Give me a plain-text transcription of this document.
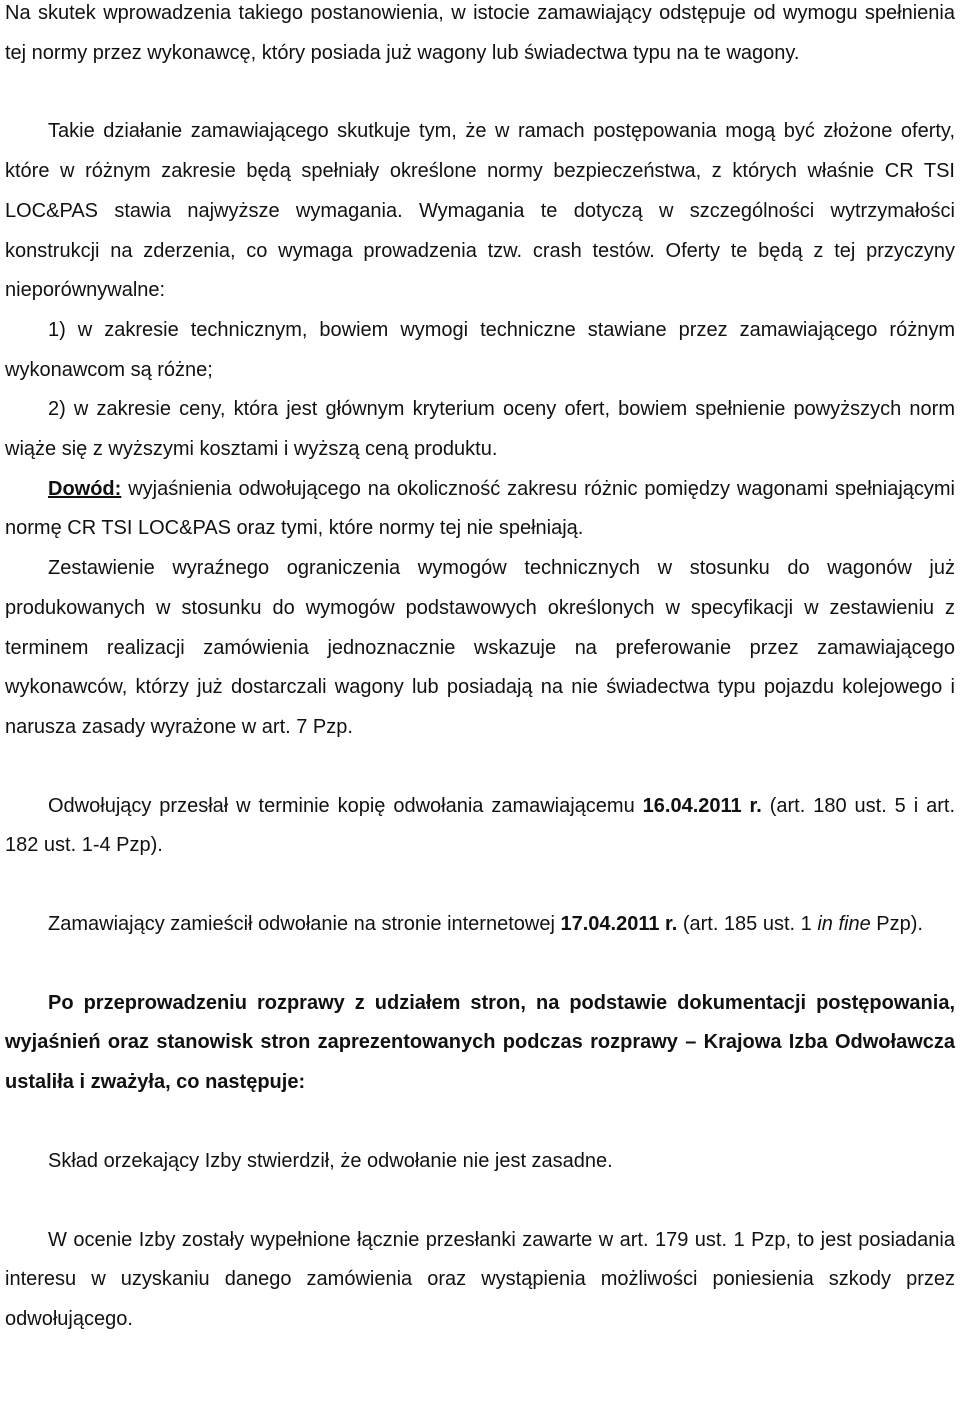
Na skutek wprowadzenia takiego postanowienia, w istocie zamawiający odstępuje od wymogu spełnienia tej normy przez wykonawcę, który posiada już wagony lub świadectwa typu na te wagony.

Takie działanie zamawiającego skutkuje tym, że w ramach postępowania mogą być złożone oferty, które w różnym zakresie będą spełniały określone normy bezpieczeństwa, z których właśnie CR TSI LOC&PAS stawia najwyższe wymagania. Wymagania te dotyczą w szczególności wytrzymałości konstrukcji na zderzenia, co wymaga prowadzenia tzw. crash testów. Oferty te będą z tej przyczyny nieporównywalne:

1) w zakresie technicznym, bowiem wymogi techniczne stawiane przez zamawiającego różnym wykonawcom są różne;

2) w zakresie ceny, która jest głównym kryterium oceny ofert, bowiem spełnienie powyższych norm wiąże się z wyższymi kosztami i wyższą ceną produktu.

Dowód: wyjaśnienia odwołującego na okoliczność zakresu różnic pomiędzy wagonami spełniającymi normę CR TSI LOC&PAS oraz tymi, które normy tej nie spełniają.

Zestawienie wyraźnego ograniczenia wymogów technicznych w stosunku do wagonów już produkowanych w stosunku do wymogów podstawowych określonych w specyfikacji w zestawieniu z terminem realizacji zamówienia jednoznacznie wskazuje na preferowanie przez zamawiającego wykonawców, którzy już dostarczali wagony lub posiadają na nie świadectwa typu pojazdu kolejowego i narusza zasady wyrażone w art. 7 Pzp.

Odwołujący przesłał w terminie kopię odwołania zamawiającemu 16.04.2011 r. (art. 180 ust. 5 i art. 182 ust. 1-4 Pzp).

Zamawiający zamieścił odwołanie na stronie internetowej 17.04.2011 r. (art. 185 ust. 1 in fine Pzp).

Po przeprowadzeniu rozprawy z udziałem stron, na podstawie dokumentacji postępowania, wyjaśnień oraz stanowisk stron zaprezentowanych podczas rozprawy – Krajowa Izba Odwoławcza ustaliła i zważyła, co następuje:

Skład orzekający Izby stwierdził, że odwołanie nie jest zasadne.

W ocenie Izby zostały wypełnione łącznie przesłanki zawarte w art. 179 ust. 1 Pzp, to jest posiadania interesu w uzyskaniu danego zamówienia oraz wystąpienia możliwości poniesienia szkody przez odwołującego.
